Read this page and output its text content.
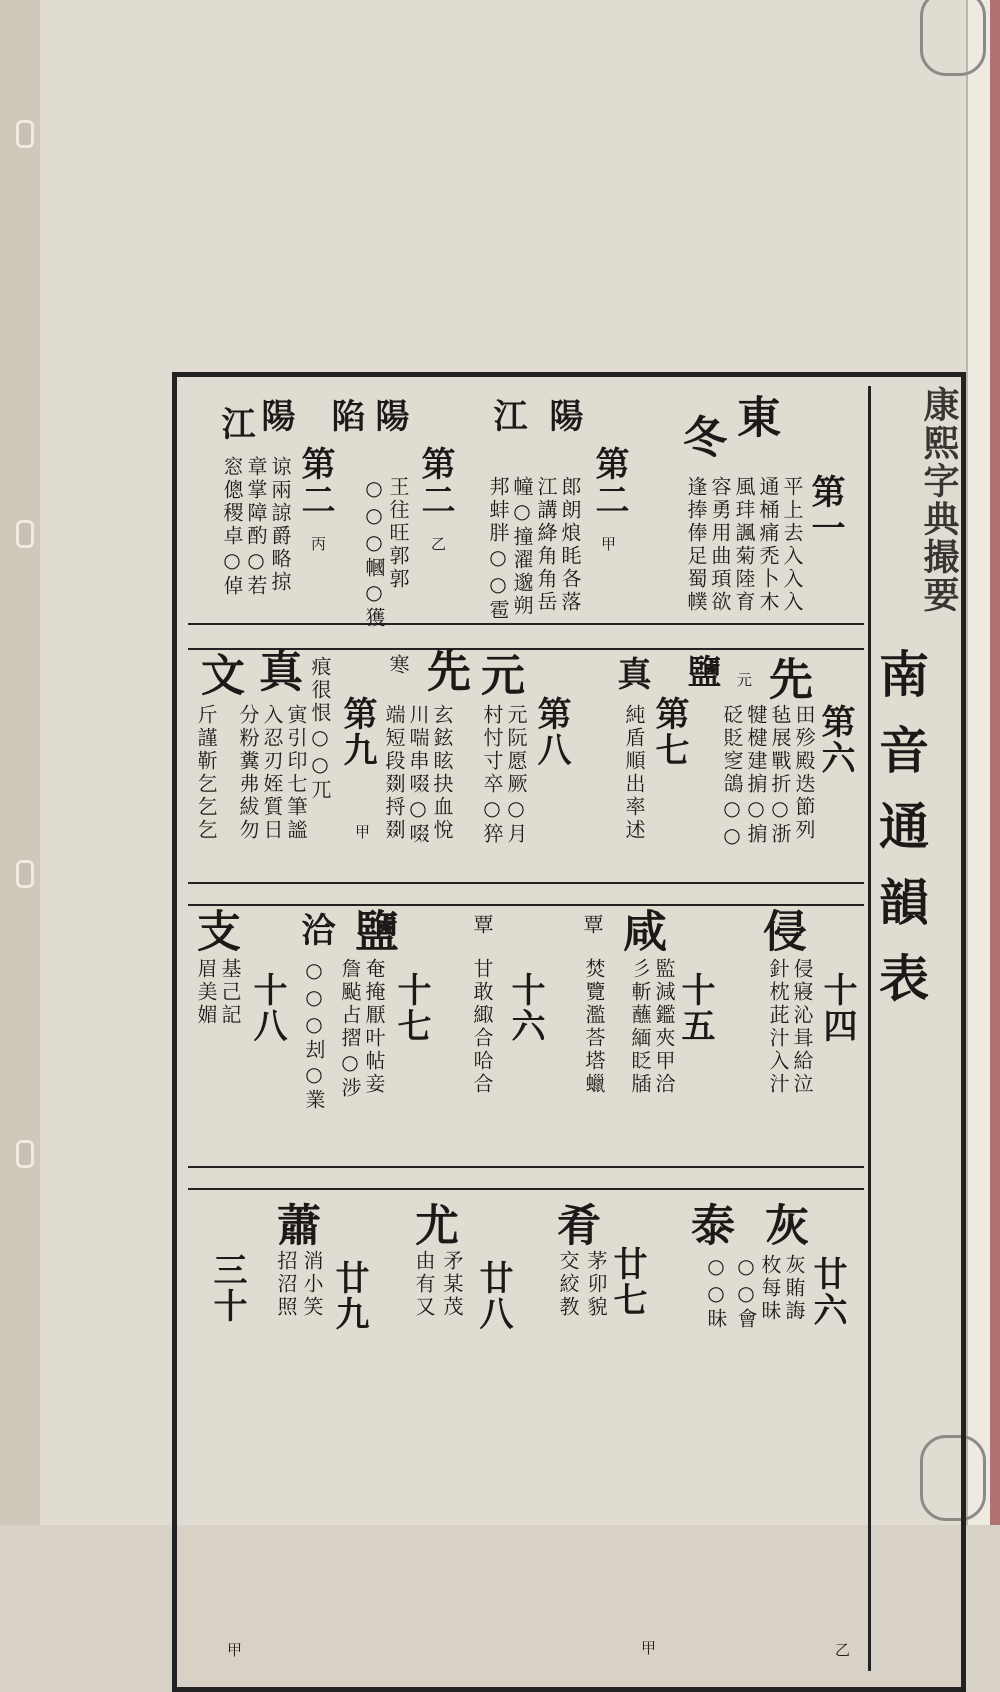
康熙字典撮要
南音通韻表
第一
平上去入入入
通桶痛禿卜木
風玤諷菊陸育
容勇用曲頊欲
逢捧俸足蜀幞
東
冬
第二
甲
郎朗烺眊各落
江講絳角角岳
幢○撞濯邈朔
邦蚌胖○○雹
陽
江
第二
乙
王往旺郭郭
○○○幗○獲
陽
陷
第二
丙
谅兩諒爵略掠
章掌障酌○若
窓傯稷卓○倬
陽
江
第六
田殄殿迭節列
毡展戰折○浙
犍楗建掮○掮
砭貶窆鴿○○
先
元
鹽
第七
純盾順出率述
真
第八
元阮愿厥○月
村忖寸卒○猝
玄鉉眩抉血悅
川喘串啜○啜
端短段剟捋剟
元
寒
第九
甲
痕很恨○○兀
寅引印七筆謐
入忍刃姪質日
分粉糞弗紱勿
斤謹靳乞乞乞
先
真
文
十四
侵寢沁咠給泣
針枕茈汁入汁
侵
十五
監減鑑夾甲洽
彡斬蘸緬眨牐
焚覽濫荅塔蠟
咸
覃
十六
甘敢緅合哈合
覃
十七
奄掩厭叶帖妾
詹颭占摺○涉
○○○刦○業
鹽
洽
十八
基己記
眉美媚
支
廿六
乙
灰賄誨
枚每昧
○○會
○○昧
灰
泰
廿七
甲
茅卯貌
交絞教
肴
廿八
矛某茂
由有又
尤
廿九
消小笑
招沼照
蕭
三十
甲
